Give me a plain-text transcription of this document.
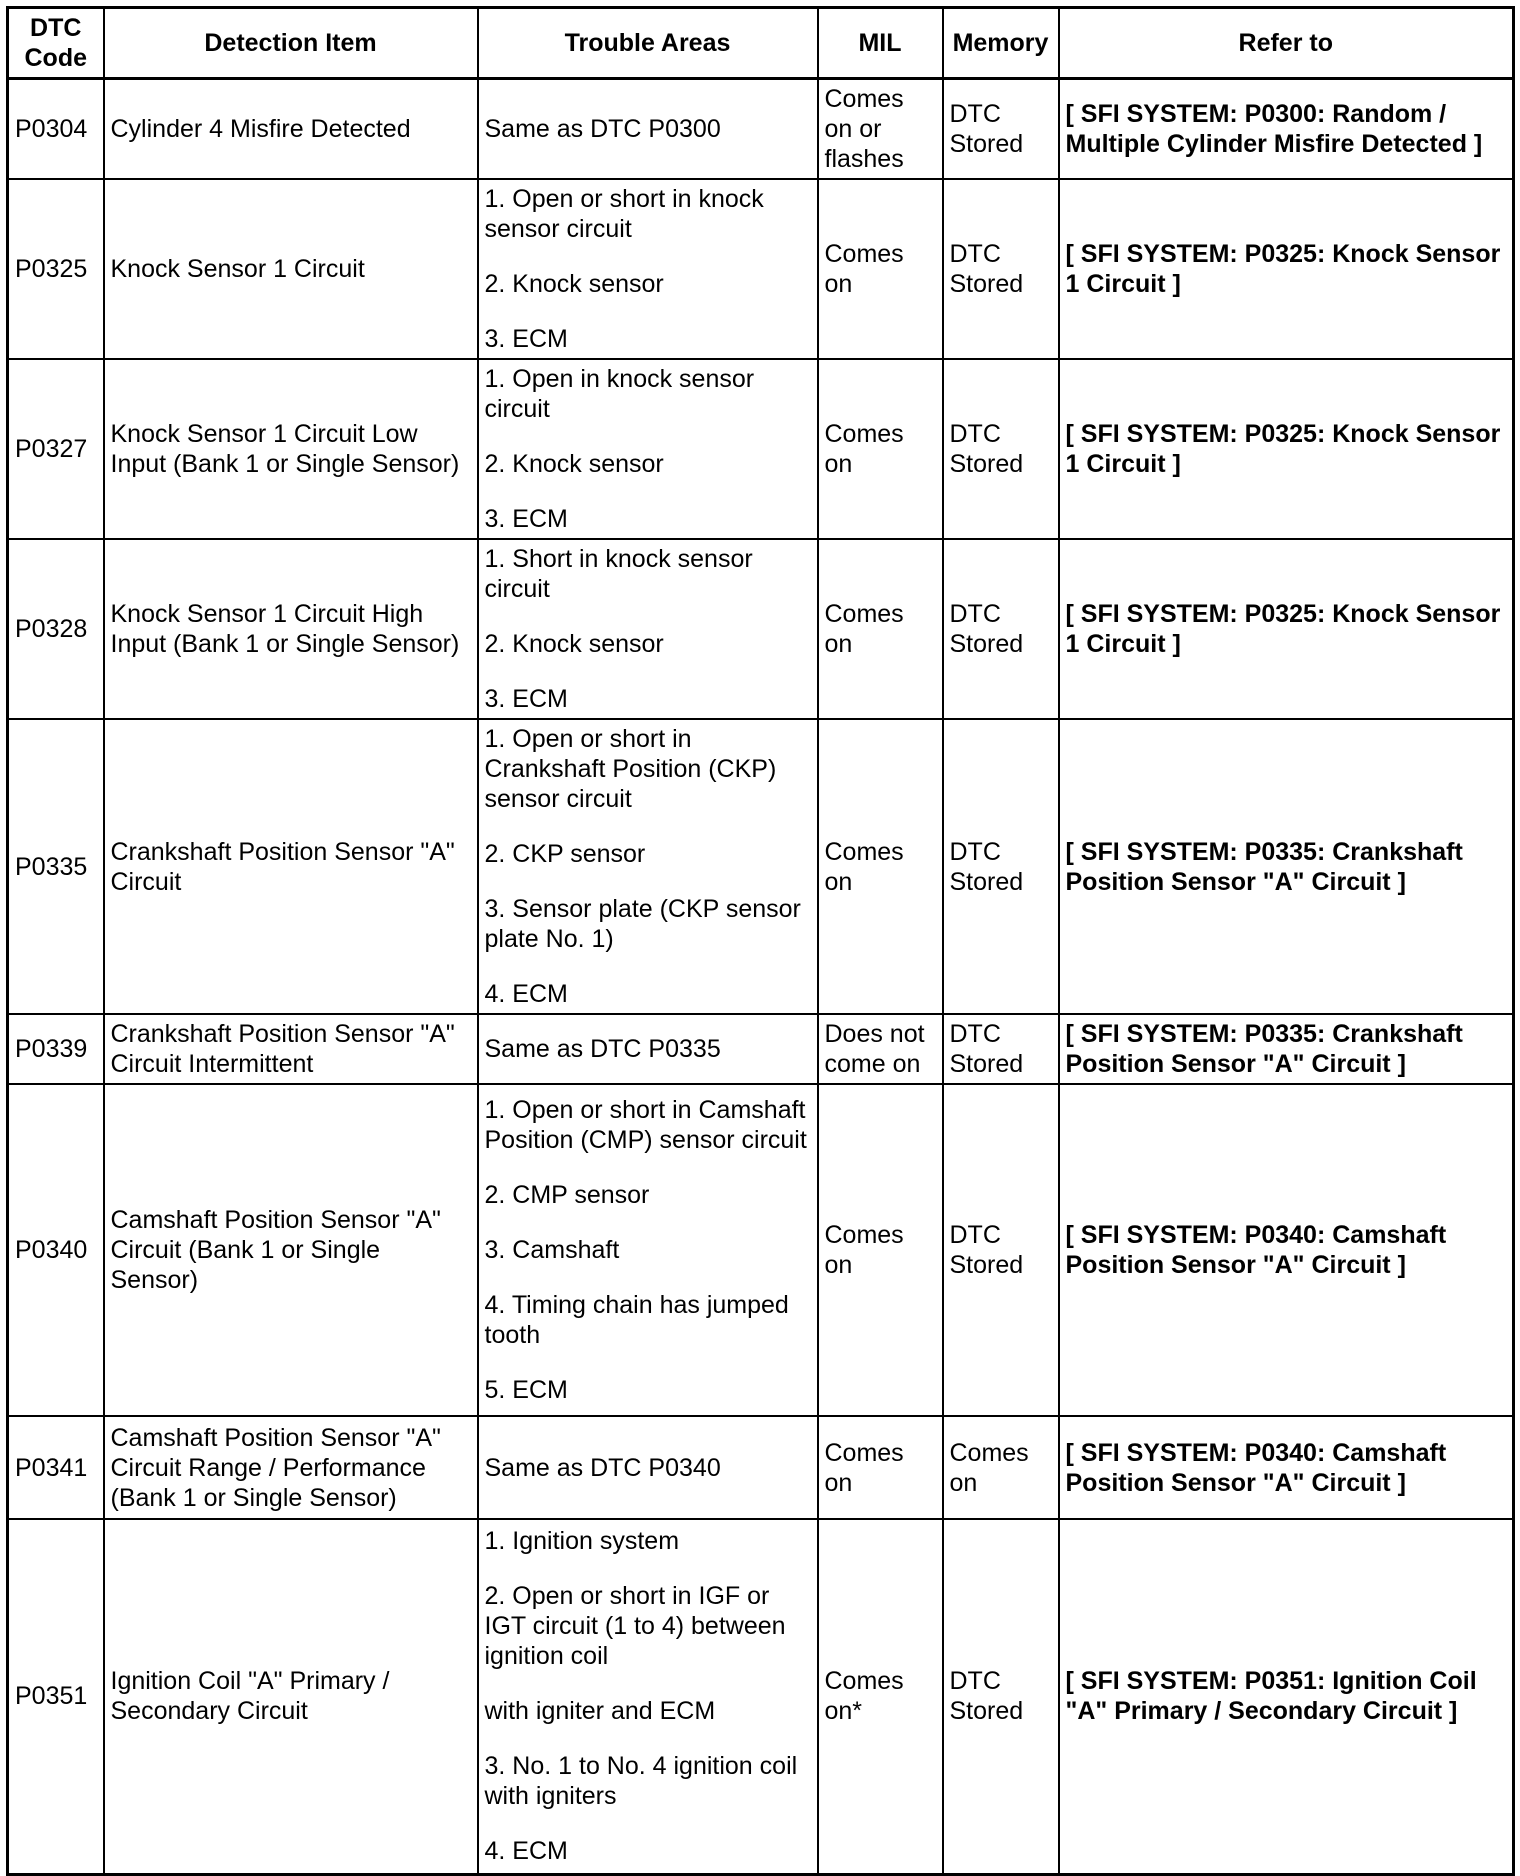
DTC Code	Detection Item	Trouble Areas	MIL	Memory	Refer to
P0304	Cylinder 4 Misfire Detected	Same as DTC P0300	Comes on or flashes	DTC Stored	[ SFI SYSTEM: P0300: Random / Multiple Cylinder Misfire Detected ]
P0325	Knock Sensor 1 Circuit	1. Open or short in knock sensor circuit

2. Knock sensor

3. ECM	Comes on	DTC Stored	[ SFI SYSTEM: P0325: Knock Sensor 1 Circuit ]
P0327	Knock Sensor 1 Circuit Low Input (Bank 1 or Single Sensor)	1. Open in knock sensor circuit

2. Knock sensor

3. ECM	Comes on	DTC Stored	[ SFI SYSTEM: P0325: Knock Sensor 1 Circuit ]
P0328	Knock Sensor 1 Circuit High Input (Bank 1 or Single Sensor)	1. Short in knock sensor circuit

2. Knock sensor

3. ECM	Comes on	DTC Stored	[ SFI SYSTEM: P0325: Knock Sensor 1 Circuit ]
P0335	Crankshaft Position Sensor "A" Circuit	1. Open or short in Crankshaft Position (CKP) sensor circuit

2. CKP sensor

3. Sensor plate (CKP sensor plate No. 1)

4. ECM	Comes on	DTC Stored	[ SFI SYSTEM: P0335: Crankshaft Position Sensor "A" Circuit ]
P0339	Crankshaft Position Sensor "A" Circuit Intermittent	Same as DTC P0335	Does not come on	DTC Stored	[ SFI SYSTEM: P0335: Crankshaft Position Sensor "A" Circuit ]
P0340	Camshaft Position Sensor "A" Circuit (Bank 1 or Single Sensor)	1. Open or short in Camshaft Position (CMP) sensor circuit

2. CMP sensor

3. Camshaft

4. Timing chain has jumped tooth

5. ECM	Comes on	DTC Stored	[ SFI SYSTEM: P0340: Camshaft Position Sensor "A" Circuit ]
P0341	Camshaft Position Sensor "A" Circuit Range / Performance (Bank 1 or Single Sensor)	Same as DTC P0340	Comes on	Comes on	[ SFI SYSTEM: P0340: Camshaft Position Sensor "A" Circuit ]
P0351	Ignition Coil "A" Primary / Secondary Circuit	1. Ignition system

2. Open or short in IGF or IGT circuit (1 to 4) between ignition coil

with igniter and ECM

3. No. 1 to No. 4 ignition coil with igniters

4. ECM	Comes on*	DTC Stored	[ SFI SYSTEM: P0351: Ignition Coil "A" Primary / Secondary Circuit ]
